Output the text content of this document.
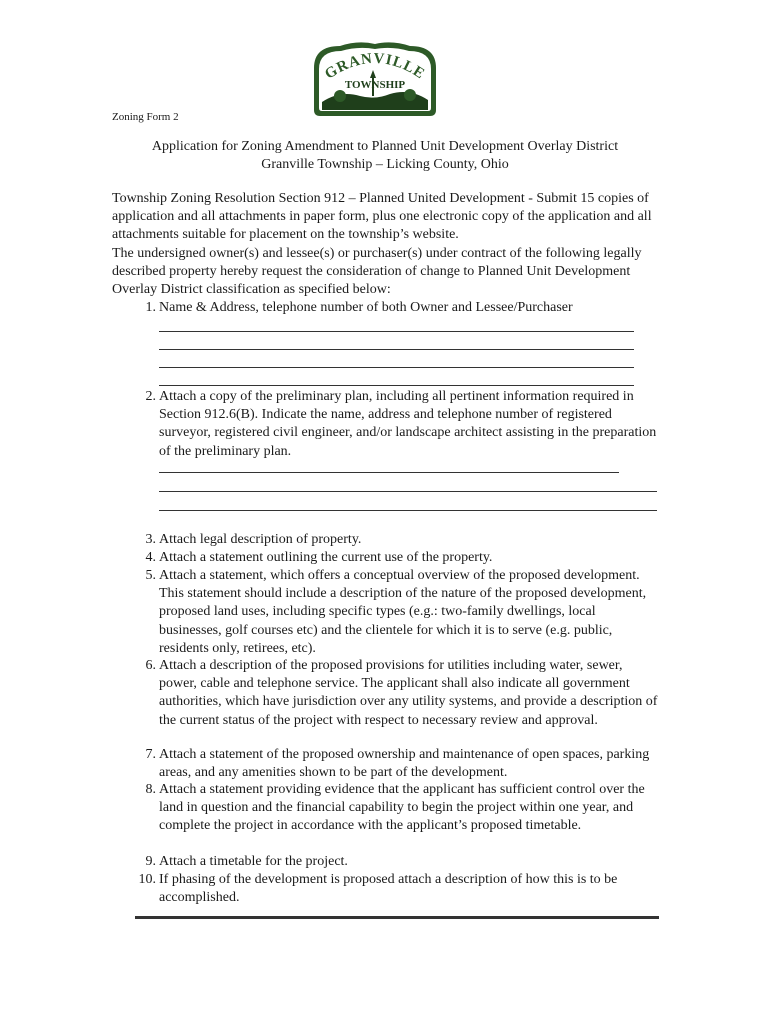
GRANVILLE
TOWNSHIP
Zoning Form 2
Application for Zoning Amendment to Planned Unit Development Overlay District
Granville Township – Licking County, Ohio

Township Zoning Resolution Section 912 – Planned United Development - Submit 15 copies of application and all attachments in paper form, plus one electronic copy of the application and all attachments suitable for placement on the township’s website.

The undersigned owner(s) and lessee(s) or purchaser(s) under contract of the following legally described property hereby request the consideration of change to Planned Unit Development Overlay District classification as specified below:

1. Name & Address, telephone number of both Owner and Lessee/Purchaser
2. Attach a copy of the preliminary plan, including all pertinent information required in Section 912.6(B). Indicate the name, address and telephone number of registered surveyor, registered civil engineer, and/or landscape architect assisting in the preparation of the preliminary plan.
3. Attach legal description of property.
4. Attach a statement outlining the current use of the property.
5. Attach a statement, which offers a conceptual overview of the proposed development. This statement should include a description of the nature of the proposed development, proposed land uses, including specific types (e.g.: two-family dwellings, local businesses, golf courses etc) and the clientele for which it is to serve (e.g. public, residents only, retirees, etc).
6. Attach a description of the proposed provisions for utilities including water, sewer, power, cable and telephone service. The applicant shall also indicate all government authorities, which have jurisdiction over any utility systems, and provide a description of the current status of the project with respect to necessary review and approval.
7. Attach a statement of the proposed ownership and maintenance of open spaces, parking areas, and any amenities shown to be part of the development.
8. Attach a statement providing evidence that the applicant has sufficient control over the land in question and the financial capability to begin the project within one year, and complete the project in accordance with the applicant’s proposed timetable.
9. Attach a timetable for the project.
10. If phasing of the development is proposed attach a description of how this is to be accomplished.
